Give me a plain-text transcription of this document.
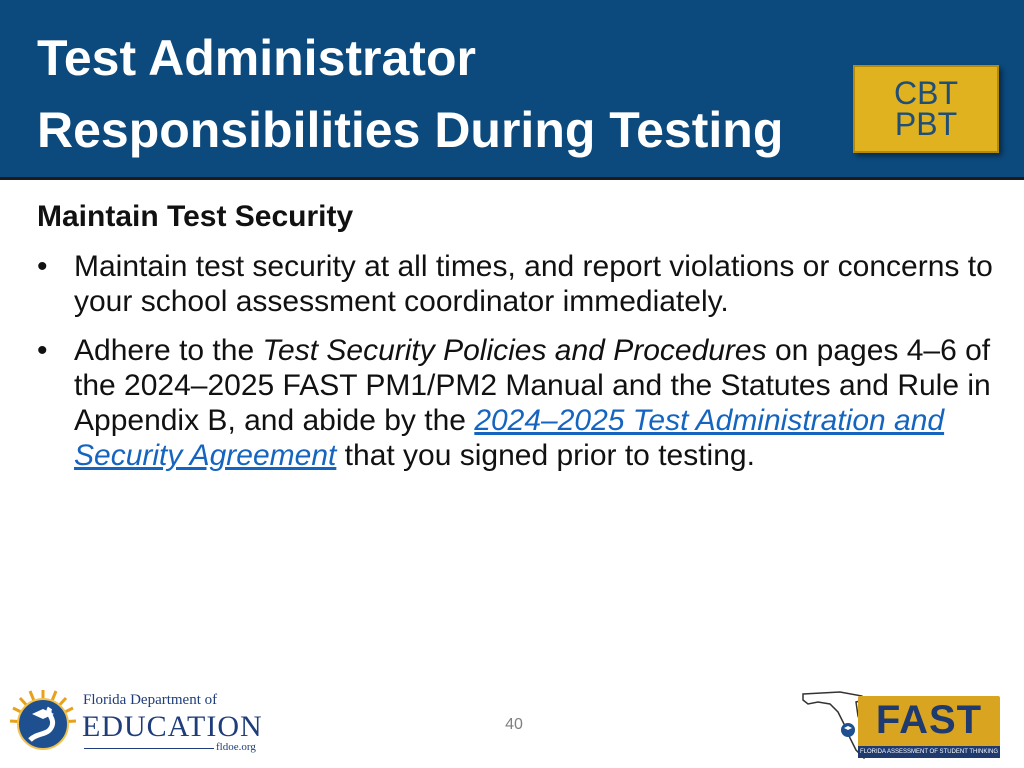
Test Administrator
Responsibilities During Testing
CBT
PBT
Maintain Test Security
• Maintain test security at all times, and report violations or concerns to your school assessment coordinator immediately.
• Adhere to the Test Security Policies and Procedures on pages 4–6 of the 2024–2025 FAST PM1/PM2 Manual and the Statutes and Rule in Appendix B, and abide by the 2024–2025 Test Administration and Security Agreement that you signed prior to testing.
Florida Department of
EDUCATION
fldoe.org
40	FAST
FLORIDA ASSESSMENT OF STUDENT THINKING
